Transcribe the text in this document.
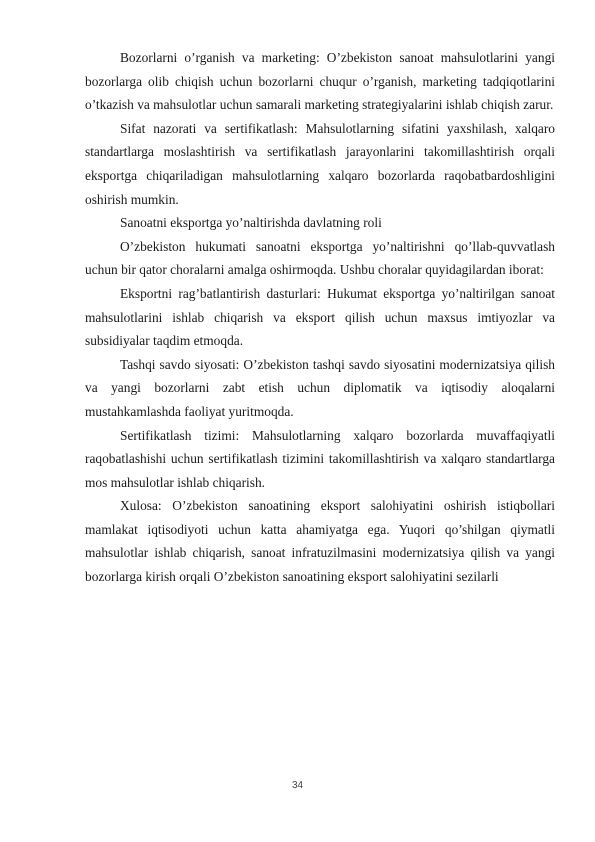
Bozorlarni o’rganish va marketing: O’zbekiston sanoat mahsulotlarini yangi bozorlarga olib chiqish uchun bozorlarni chuqur o’rganish, marketing tadqiqotlarini o’tkazish va mahsulotlar uchun samarali marketing strategiyalarini ishlab chiqish zarur.

Sifat nazorati va sertifikatlash: Mahsulotlarning sifatini yaxshilash, xalqaro standartlarga moslashtirish va sertifikatlash jarayonlarini takomillashtirish orqali eksportga chiqariladigan mahsulotlarning xalqaro bozorlarda raqobatbardoshligini oshirish mumkin.

Sanoatni eksportga yo’naltirishda davlatning roli

O’zbekiston hukumati sanoatni eksportga yo’naltirishni qo’llab-quvvatlash uchun bir qator choralarni amalga oshirmoqda. Ushbu choralar quyidagilardan iborat:

Eksportni rag’batlantirish dasturlari: Hukumat eksportga yo’naltirilgan sanoat mahsulotlarini ishlab chiqarish va eksport qilish uchun maxsus imtiyozlar va subsidiyalar taqdim etmoqda.

Tashqi savdo siyosati: O’zbekiston tashqi savdo siyosatini modernizatsiya qilish va yangi bozorlarni zabt etish uchun diplomatik va iqtisodiy aloqalarni mustahkamlashda faoliyat yuritmoqda.

Sertifikatlash tizimi: Mahsulotlarning xalqaro bozorlarda muvaffaqiyatli raqobatlashishi uchun sertifikatlash tizimini takomillashtirish va xalqaro standartlarga mos mahsulotlar ishlab chiqarish.

Xulosa: O’zbekiston sanoatining eksport salohiyatini oshirish istiqbollari mamlakat iqtisodiyoti uchun katta ahamiyatga ega. Yuqori qo’shilgan qiymatli mahsulotlar ishlab chiqarish, sanoat infratuzilmasini modernizatsiya qilish va yangi bozorlarga kirish orqali O’zbekiston sanoatining eksport salohiyatini sezilarli

34
